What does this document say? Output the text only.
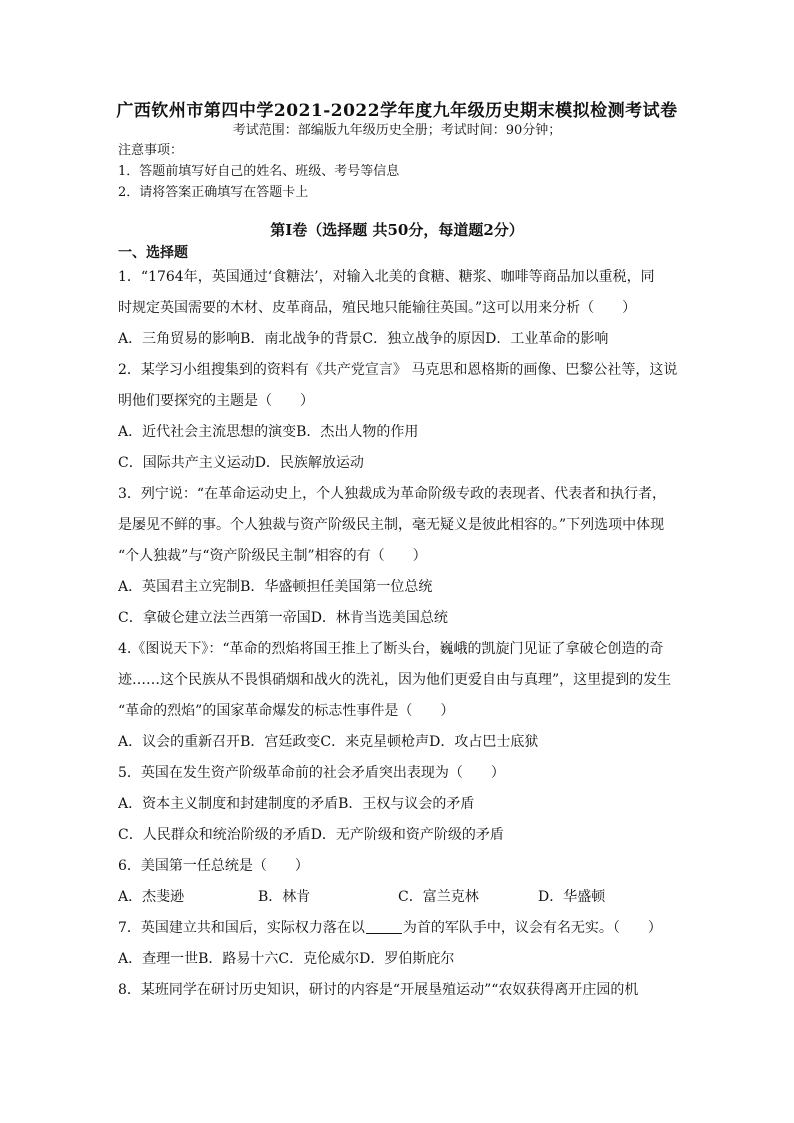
广西钦州市第四中学2021-2022学年度九年级历史期末模拟检测考试卷
考试范围：部编版九年级历史全册；考试时间：90分钟；
注意事项：
1．答题前填写好自己的姓名、班级、考号等信息
2．请将答案正确填写在答题卡上
第I卷（选择题 共50分，每道题2分）
一、选择题
1．“1764年，英国通过‘食糖法’，对输入北美的食糖、糖浆、咖啡等商品加以重税，同
时规定英国需要的木材、皮革商品，殖民地只能输往英国。”这可以用来分析（　　）
A．三角贸易的影响B．南北战争的背景C．独立战争的原因D．工业革命的影响
2．某学习小组搜集到的资料有《共产党宣言》 马克思和恩格斯的画像、巴黎公社等，这说
明他们要探究的主题是（　　）
A．近代社会主流思想的演变B．杰出人物的作用
C．国际共产主义运动D．民族解放运动
3．列宁说：“在革命运动史上，个人独裁成为革命阶级专政的表现者、代表者和执行者，
是屡见不鲜的事。个人独裁与资产阶级民主制，毫无疑义是彼此相容的。”下列选项中体现
“个人独裁”与“资产阶级民主制”相容的有（　　）
A．英国君主立宪制B．华盛顿担任美国第一位总统
C．拿破仑建立法兰西第一帝国D．林肯当选美国总统
4.《图说天下》：“革命的烈焰将国王推上了断头台，巍峨的凯旋门见证了拿破仑创造的奇
迹……这个民族从不畏惧硝烟和战火的洗礼，因为他们更爱自由与真理”，这里提到的发生
“革命的烈焰”的国家革命爆发的标志性事件是（　　）
A．议会的重新召开B．宫廷政变C．来克星顿枪声D．攻占巴士底狱
5．英国在发生资产阶级革命前的社会矛盾突出表现为（　　）
A．资本主义制度和封建制度的矛盾B．王权与议会的矛盾
C．人民群众和统治阶级的矛盾D．无产阶级和资产阶级的矛盾
6．美国第一任总统是（　　）
A．杰斐逊	B．林肯	C．富兰克林	D．华盛顿
7．英国建立共和国后，实际权力落在以	为首的军队手中，议会有名无实。（　　）
A．查理一世B．路易十六C．克伦威尔D．罗伯斯庇尔
8．某班同学在研讨历史知识，研讨的内容是“开展垦殖运动”“农奴获得离开庄园的机
